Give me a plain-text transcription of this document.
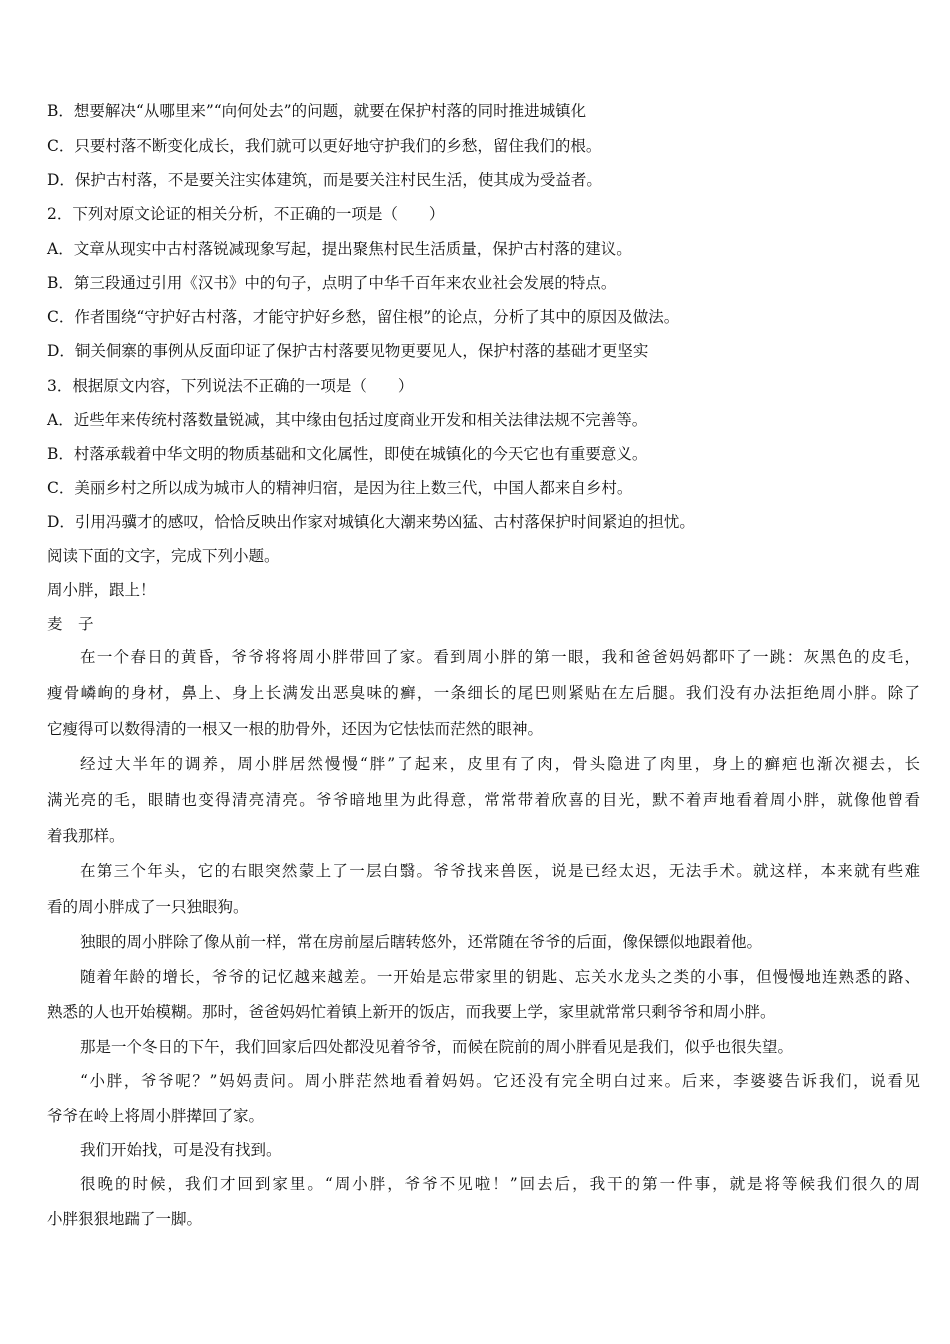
B．想要解决“从哪里来”“向何处去”的问题，就要在保护村落的同时推进城镇化
C．只要村落不断变化成长，我们就可以更好地守护我们的乡愁，留住我们的根。
D．保护古村落，不是要关注实体建筑，而是要关注村民生活，使其成为受益者。
2．下列对原文论证的相关分析，不正确的一项是（　　）
A．文章从现实中古村落锐减现象写起，提出聚焦村民生活质量，保护古村落的建议。
B．第三段通过引用《汉书》中的句子，点明了中华千百年来农业社会发展的特点。
C．作者围绕“守护好古村落，才能守护好乡愁，留住根”的论点，分析了其中的原因及做法。
D．铜关侗寨的事例从反面印证了保护古村落要见物更要见人，保护村落的基础才更坚实
3．根据原文内容，下列说法不正确的一项是（　　）
A．近些年来传统村落数量锐减，其中缘由包括过度商业开发和相关法律法规不完善等。
B．村落承载着中华文明的物质基础和文化属性，即使在城镇化的今天它也有重要意义。
C．美丽乡村之所以成为城市人的精神归宿，是因为往上数三代，中国人都来自乡村。
D．引用冯骥才的感叹，恰恰反映出作家对城镇化大潮来势凶猛、古村落保护时间紧迫的担忧。
阅读下面的文字，完成下列小题。
周小胖，跟上！
麦　子
在一个春日的黄昏，爷爷将将周小胖带回了家。看到周小胖的第一眼，我和爸爸妈妈都吓了一跳：灰黑色的皮毛，
瘦骨嶙峋的身材，鼻上、身上长满发出恶臭味的癣，一条细长的尾巴则紧贴在左后腿。我们没有办法拒绝周小胖。除了
它瘦得可以数得清的一根又一根的肋骨外，还因为它怯怯而茫然的眼神。
经过大半年的调养，周小胖居然慢慢“胖”了起来，皮里有了肉，骨头隐进了肉里，身上的癣疤也渐次褪去，长
满光亮的毛，眼睛也变得清亮清亮。爷爷暗地里为此得意，常常带着欣喜的目光，默不着声地看着周小胖，就像他曾看
着我那样。
在第三个年头，它的右眼突然蒙上了一层白翳。爷爷找来兽医，说是已经太迟，无法手术。就这样，本来就有些难
看的周小胖成了一只独眼狗。
独眼的周小胖除了像从前一样，常在房前屋后瞎转悠外，还常随在爷爷的后面，像保镖似地跟着他。
随着年龄的增长，爷爷的记忆越来越差。一开始是忘带家里的钥匙、忘关水龙头之类的小事，但慢慢地连熟悉的路、
熟悉的人也开始模糊。那时，爸爸妈妈忙着镇上新开的饭店，而我要上学，家里就常常只剩爷爷和周小胖。
那是一个冬日的下午，我们回家后四处都没见着爷爷，而候在院前的周小胖看见是我们，似乎也很失望。
“小胖，爷爷呢？”妈妈责问。周小胖茫然地看着妈妈。它还没有完全明白过来。后来，李婆婆告诉我们，说看见
爷爷在岭上将周小胖撵回了家。
我们开始找，可是没有找到。
很晚的时候，我们才回到家里。“周小胖，爷爷不见啦！”回去后，我干的第一件事，就是将等候我们很久的周
小胖狠狠地踹了一脚。
